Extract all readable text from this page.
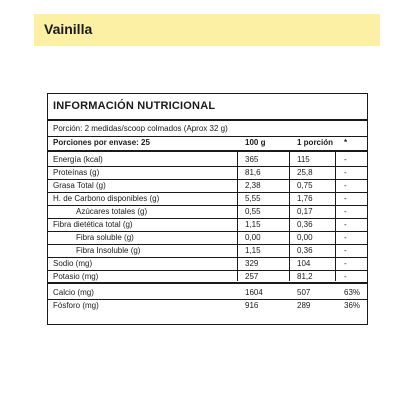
Vainilla
INFORMACIÓN NUTRICIONAL
Porción: 2 medidas/scoop colmados (Aprox 32 g)
Porciones por envase: 25	100 g	1 porción *
Energía (kcal)	365	115	-
Proteínas (g)	81,6	25,8	-
Grasa Total (g)	2,38	0,75	-
H. de Carbono disponibles (g)	5,55	1,76	-
Azúcares totales (g)	0,55	0,17	-
Fibra dietética total (g)	1,15	0,36	-
Fibra soluble (g)	0,00	0,00	-
Fibra Insoluble (g)	1,15	0,36	-
Sodio (mg)	329	104	-
Potasio (mg)	257	81,2	-
Calcio (mg)	1604	507	63%
Fósforo (mg)	916	289	36%
